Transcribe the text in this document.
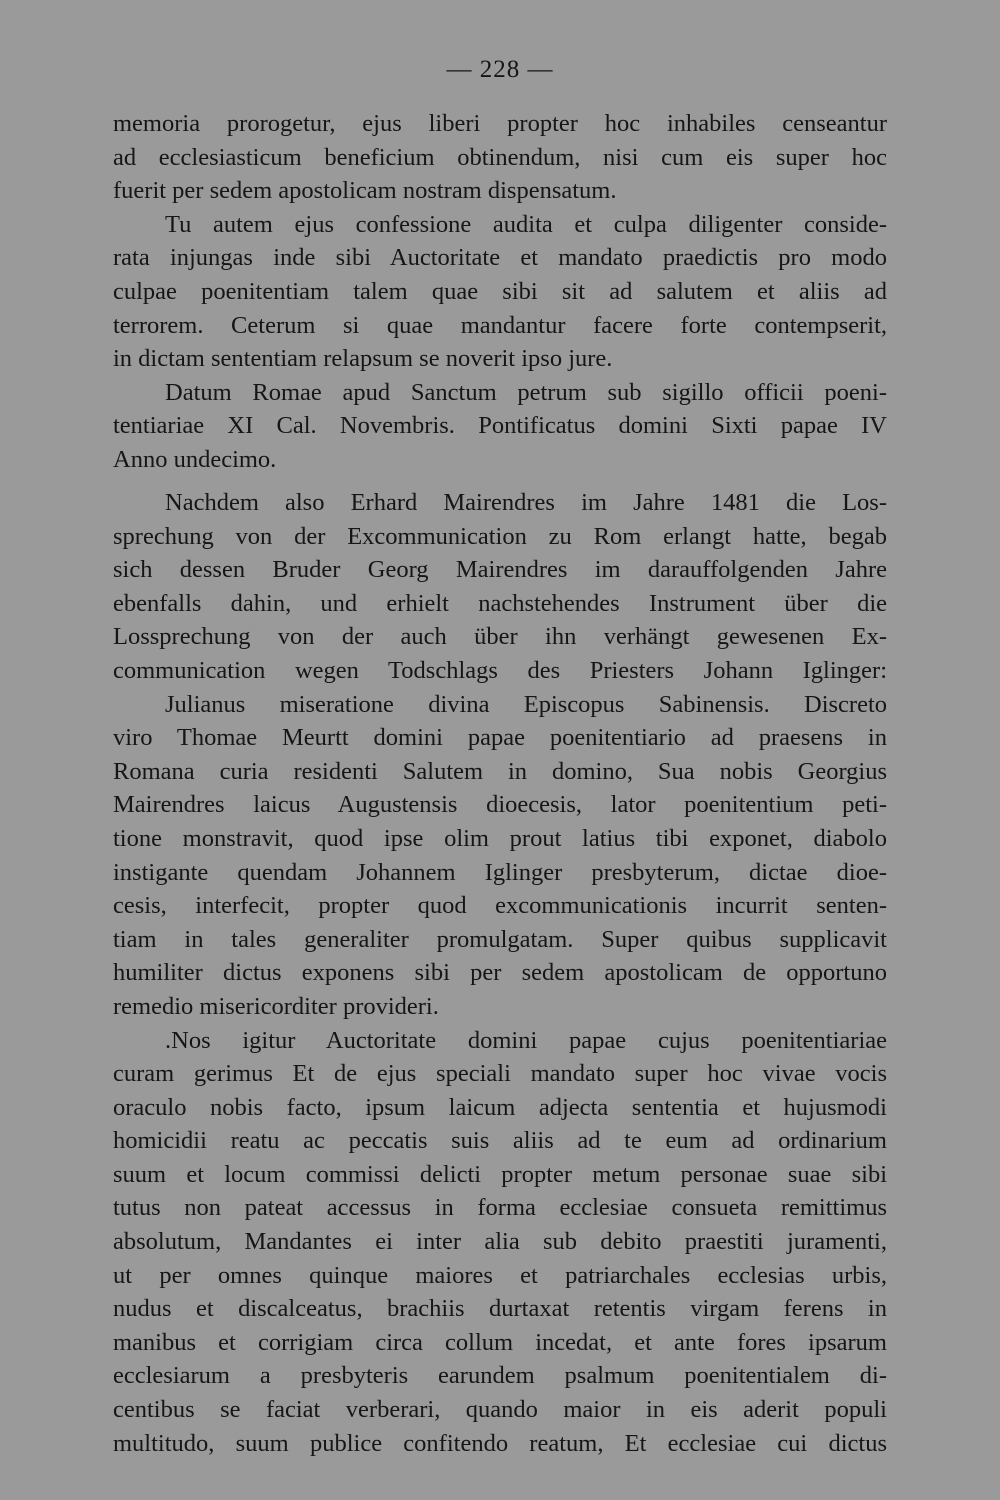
— 228 —
memoria prorogetur, ejus liberi propter hoc inhabiles censeantur
ad ecclesiasticum beneficium obtinendum, nisi cum eis super hoc
fuerit per sedem apostolicam nostram dispensatum.
Tu autem ejus confessione audita et culpa diligenter conside-
rata injungas inde sibi Auctoritate et mandato praedictis pro modo
culpae poenitentiam talem quae sibi sit ad salutem et aliis ad
terrorem. Ceterum si quae mandantur facere forte contempserit,
in dictam sententiam relapsum se noverit ipso jure.
Datum Romae apud Sanctum petrum sub sigillo officii poeni-
tentiariae XI Cal. Novembris. Pontificatus domini Sixti papae IV
Anno undecimo.
Nachdem also Erhard Mairendres im Jahre 1481 die Los-
sprechung von der Excommunication zu Rom erlangt hatte, begab
sich dessen Bruder Georg Mairendres im darauffolgenden Jahre
ebenfalls dahin, und erhielt nachstehendes Instrument über die
Lossprechung von der auch über ihn verhängt gewesenen Ex-
communication wegen Todschlags des Priesters Johann Iglinger:
Julianus miseratione divina Episcopus Sabinensis. Discreto
viro Thomae Meurtt domini papae poenitentiario ad praesens in
Romana curia residenti Salutem in domino, Sua nobis Georgius
Mairendres laicus Augustensis dioecesis, lator poenitentium peti-
tione monstravit, quod ipse olim prout latius tibi exponet, diabolo
instigante quendam Johannem Iglinger presbyterum, dictae dioe-
cesis, interfecit, propter quod excommunicationis incurrit senten-
tiam in tales generaliter promulgatam. Super quibus supplicavit
humiliter dictus exponens sibi per sedem apostolicam de opportuno
remedio misericorditer provideri.
.Nos igitur Auctoritate domini papae cujus poenitentiariae
curam gerimus Et de ejus speciali mandato super hoc vivae vocis
oraculo nobis facto, ipsum laicum adjecta sententia et hujusmodi
homicidii reatu ac peccatis suis aliis ad te eum ad ordinarium
suum et locum commissi delicti propter metum personae suae sibi
tutus non pateat accessus in forma ecclesiae consueta remittimus
absolutum, Mandantes ei inter alia sub debito praestiti juramenti,
ut per omnes quinque maiores et patriarchales ecclesias urbis,
nudus et discalceatus, brachiis durtaxat retentis virgam ferens in
manibus et corrigiam circa collum incedat, et ante fores ipsarum
ecclesiarum a presbyteris earundem psalmum poenitentialem di-
centibus se faciat verberari, quando maior in eis aderit populi
multitudo, suum publice confitendo reatum, Et ecclesiae cui dictus
